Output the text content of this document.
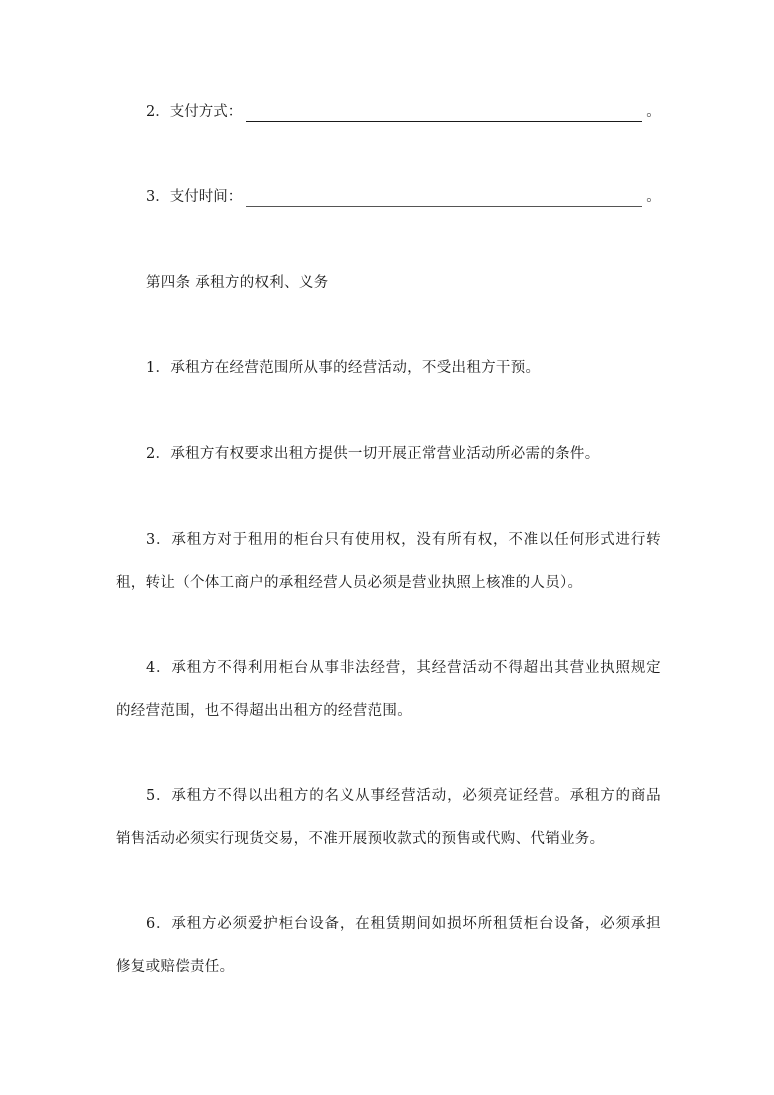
2．支付方式：	。
3．支付时间：	。
第四条 承租方的权利、义务
1．承租方在经营范围所从事的经营活动，不受出租方干预。
2．承租方有权要求出租方提供一切开展正常营业活动所必需的条件。
3．承租方对于租用的柜台只有使用权，没有所有权，不准以任何形式进行转
租，转让（个体工商户的承租经营人员必须是营业执照上核准的人员）。
4．承租方不得利用柜台从事非法经营，其经营活动不得超出其营业执照规定
的经营范围，也不得超出出租方的经营范围。
5．承租方不得以出租方的名义从事经营活动，必须亮证经营。承租方的商品
销售活动必须实行现货交易，不准开展预收款式的预售或代购、代销业务。
6．承租方必须爱护柜台设备，在租赁期间如损坏所租赁柜台设备，必须承担
修复或赔偿责任。
